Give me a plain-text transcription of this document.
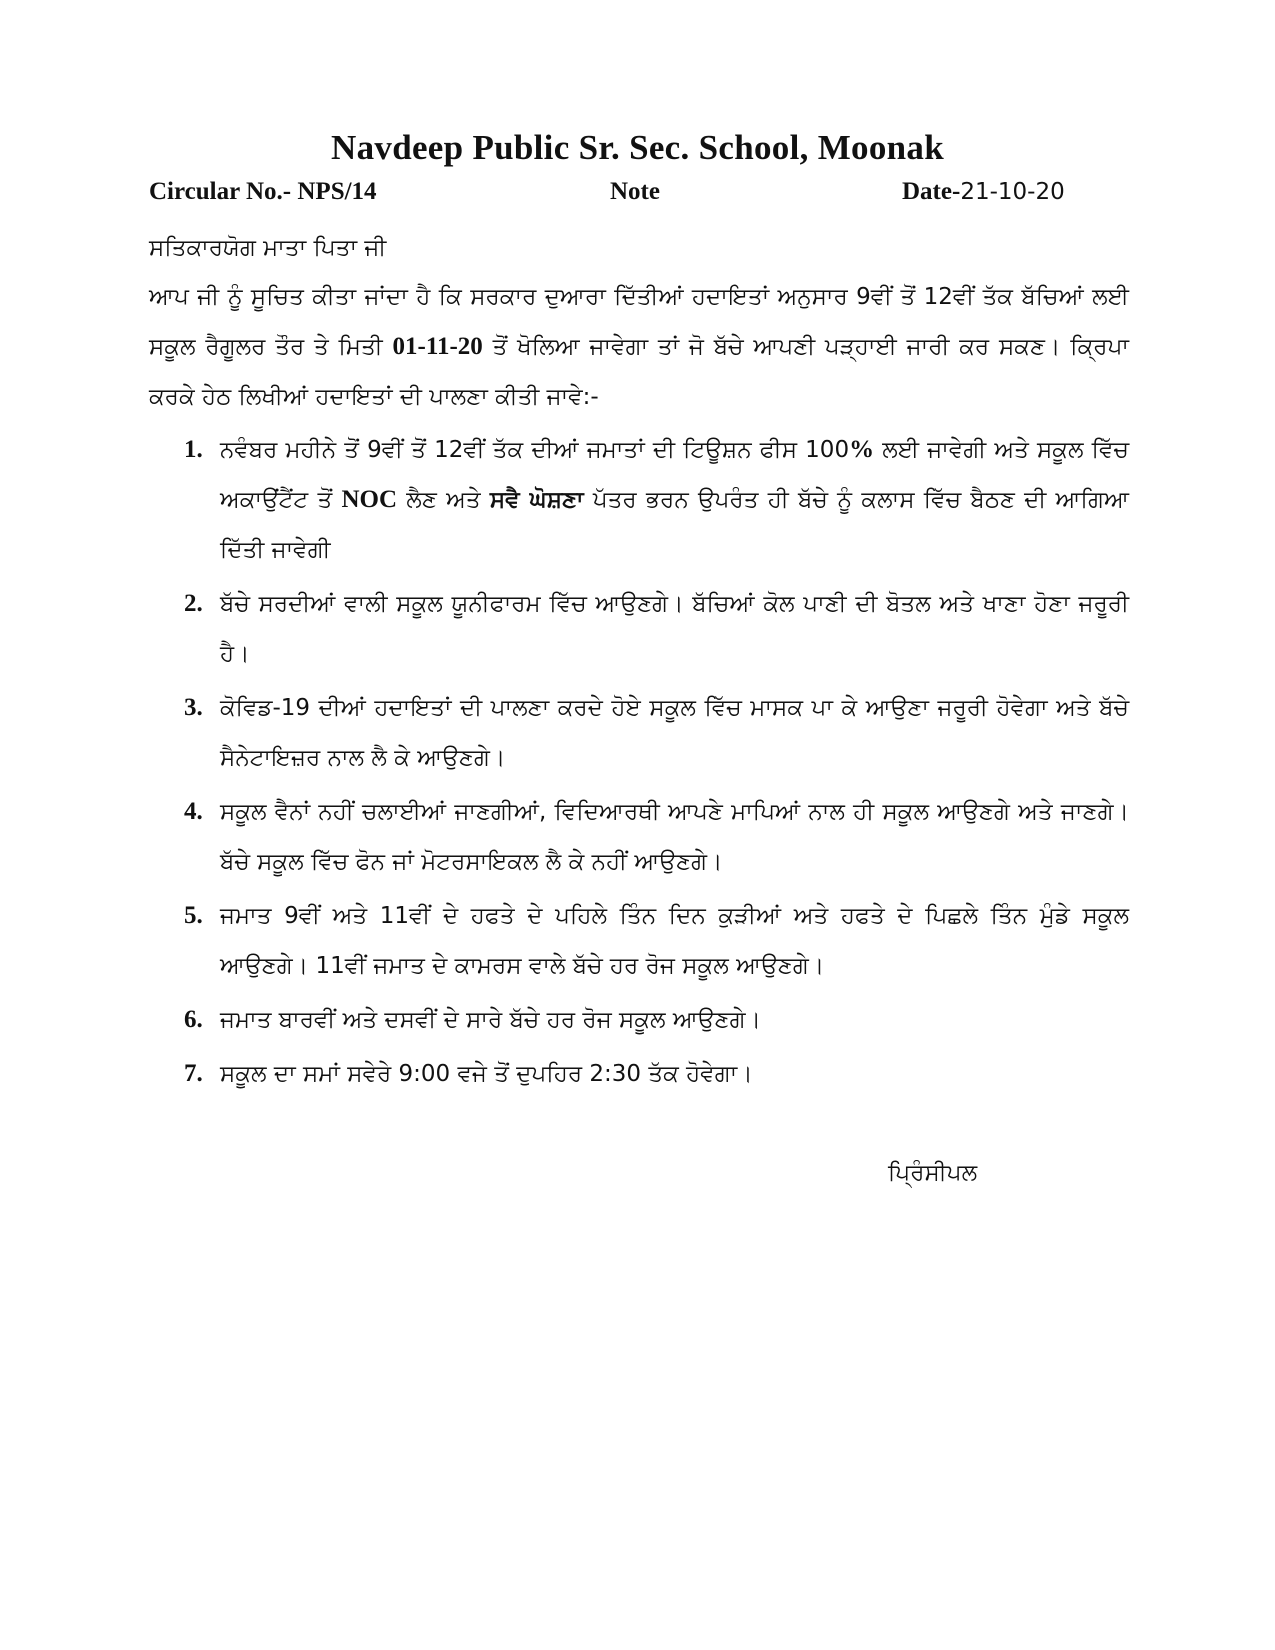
Navdeep Public Sr. Sec. School, Moonak
Circular No.- NPS/14	Note	Date-21-10-20
ਸਤਿਕਾਰਯੋਗ ਮਾਤਾ ਪਿਤਾ ਜੀ
ਆਪ ਜੀ ਨੂੰ ਸੂਚਿਤ ਕੀਤਾ ਜਾਂਦਾ ਹੈ ਕਿ ਸਰਕਾਰ ਦੁਆਰਾ ਦਿੱਤੀਆਂ ਹਦਾਇਤਾਂ ਅਨੁਸਾਰ 9ਵੀਂ ਤੋਂ 12ਵੀਂ ਤੱਕ ਬੱਚਿਆਂ ਲਈ ਸਕੂਲ ਰੈਗੂਲਰ ਤੌਰ ਤੇ ਮਿਤੀ 01-11-20 ਤੋਂ ਖੋਲਿਆ ਜਾਵੇਗਾ ਤਾਂ ਜੋ ਬੱਚੇ ਆਪਣੀ ਪੜ੍ਹਾਈ ਜਾਰੀ ਕਰ ਸਕਣ। ਕ੍ਰਿਪਾ ਕਰਕੇ ਹੇਠ ਲਿਖੀਆਂ ਹਦਾਇਤਾਂ ਦੀ ਪਾਲਣਾ ਕੀਤੀ ਜਾਵੇ:-
1. ਨਵੰਬਰ ਮਹੀਨੇ ਤੋਂ 9ਵੀਂ ਤੋਂ 12ਵੀਂ ਤੱਕ ਦੀਆਂ ਜਮਾਤਾਂ ਦੀ ਟਿਊਸ਼ਨ ਫੀਸ 100% ਲਈ ਜਾਵੇਗੀ ਅਤੇ ਸਕੂਲ ਵਿੱਚ ਅਕਾਉਂਟੈਂਟ ਤੋਂ NOC ਲੈਣ ਅਤੇ ਸਵੈ ਘੋਸ਼ਣਾ ਪੱਤਰ ਭਰਨ ਉਪਰੰਤ ਹੀ ਬੱਚੇ ਨੂੰ ਕਲਾਸ ਵਿੱਚ ਬੈਠਣ ਦੀ ਆਗਿਆ ਦਿੱਤੀ ਜਾਵੇਗੀ
2. ਬੱਚੇ ਸਰਦੀਆਂ ਵਾਲੀ ਸਕੂਲ ਯੂਨੀਫਾਰਮ ਵਿੱਚ ਆਉਣਗੇ। ਬੱਚਿਆਂ ਕੋਲ ਪਾਣੀ ਦੀ ਬੋਤਲ ਅਤੇ ਖਾਣਾ ਹੋਣਾ ਜਰੂਰੀ ਹੈ।
3. ਕੋਵਿਡ-19 ਦੀਆਂ ਹਦਾਇਤਾਂ ਦੀ ਪਾਲਣਾ ਕਰਦੇ ਹੋਏ ਸਕੂਲ ਵਿੱਚ ਮਾਸਕ ਪਾ ਕੇ ਆਉਣਾ ਜਰੂਰੀ ਹੋਵੇਗਾ ਅਤੇ ਬੱਚੇ ਸੈਨੇਟਾਇਜ਼ਰ ਨਾਲ ਲੈ ਕੇ ਆਉਣਗੇ।
4. ਸਕੂਲ ਵੈਨਾਂ ਨਹੀਂ ਚਲਾਈਆਂ ਜਾਣਗੀਆਂ, ਵਿਦਿਆਰਥੀ ਆਪਣੇ ਮਾਪਿਆਂ ਨਾਲ ਹੀ ਸਕੂਲ ਆਉਣਗੇ ਅਤੇ ਜਾਣਗੇ। ਬੱਚੇ ਸਕੂਲ ਵਿੱਚ ਫੋਨ ਜਾਂ ਮੋਟਰਸਾਇਕਲ ਲੈ ਕੇ ਨਹੀਂ ਆਉਣਗੇ।
5. ਜਮਾਤ 9ਵੀਂ ਅਤੇ 11ਵੀਂ ਦੇ ਹਫਤੇ ਦੇ ਪਹਿਲੇ ਤਿੰਨ ਦਿਨ ਕੁੜੀਆਂ ਅਤੇ ਹਫਤੇ ਦੇ ਪਿਛਲੇ ਤਿੰਨ ਮੁੰਡੇ ਸਕੂਲ ਆਉਣਗੇ। 11ਵੀਂ ਜਮਾਤ ਦੇ ਕਾਮਰਸ ਵਾਲੇ ਬੱਚੇ ਹਰ ਰੋਜ ਸਕੂਲ ਆਉਣਗੇ।
6. ਜਮਾਤ ਬਾਰਵੀਂ ਅਤੇ ਦਸਵੀਂ ਦੇ ਸਾਰੇ ਬੱਚੇ ਹਰ ਰੋਜ ਸਕੂਲ ਆਉਣਗੇ।
7. ਸਕੂਲ ਦਾ ਸਮਾਂ ਸਵੇਰੇ 9:00 ਵਜੇ ਤੋਂ ਦੁਪਹਿਰ 2:30 ਤੱਕ ਹੋਵੇਗਾ।
ਪ੍ਰਿੰਸੀਪਲ
